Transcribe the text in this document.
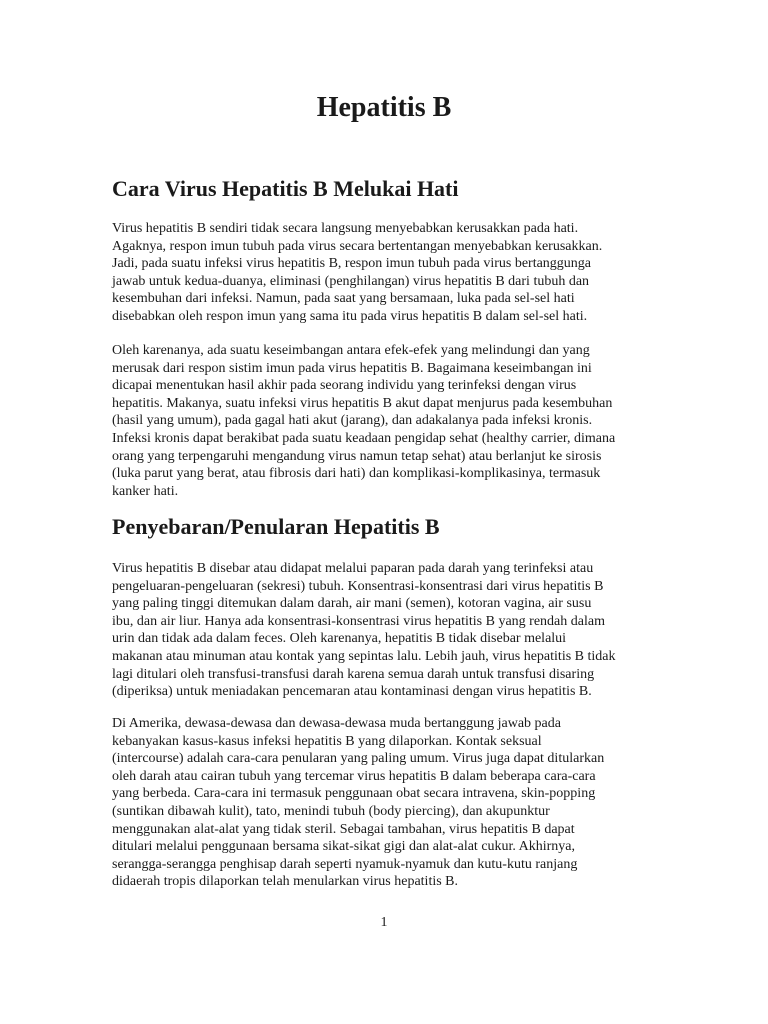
Hepatitis B
Cara Virus Hepatitis B Melukai Hati
Virus hepatitis B sendiri tidak secara langsung menyebabkan kerusakkan pada hati.
Agaknya, respon imun tubuh pada virus secara bertentangan menyebabkan kerusakkan.
Jadi, pada suatu infeksi virus hepatitis B, respon imun tubuh pada virus bertanggunga
jawab untuk kedua-duanya, eliminasi (penghilangan) virus hepatitis B dari tubuh dan
kesembuhan dari infeksi. Namun, pada saat yang bersamaan, luka pada sel-sel hati
disebabkan oleh respon imun yang sama itu pada virus hepatitis B dalam sel-sel hati.
Oleh karenanya, ada suatu keseimbangan antara efek-efek yang melindungi dan yang
merusak dari respon sistim imun pada virus hepatitis B. Bagaimana keseimbangan ini
dicapai menentukan hasil akhir pada seorang individu yang terinfeksi dengan virus
hepatitis. Makanya, suatu infeksi virus hepatitis B akut dapat menjurus pada kesembuhan
(hasil yang umum), pada gagal hati akut (jarang), dan adakalanya pada infeksi kronis.
Infeksi kronis dapat berakibat pada suatu keadaan pengidap sehat (healthy carrier, dimana
orang yang terpengaruhi mengandung virus namun tetap sehat) atau berlanjut ke sirosis
(luka parut yang berat, atau fibrosis dari hati) dan komplikasi-komplikasinya, termasuk
kanker hati.
Penyebaran/Penularan Hepatitis B
Virus hepatitis B disebar atau didapat melalui paparan pada darah yang terinfeksi atau
pengeluaran-pengeluaran (sekresi) tubuh. Konsentrasi-konsentrasi dari virus hepatitis B
yang paling tinggi ditemukan dalam darah, air mani (semen), kotoran vagina, air susu
ibu, dan air liur. Hanya ada konsentrasi-konsentrasi virus hepatitis B yang rendah dalam
urin dan tidak ada dalam feces. Oleh karenanya, hepatitis B tidak disebar melalui
makanan atau minuman atau kontak yang sepintas lalu. Lebih jauh, virus hepatitis B tidak
lagi ditulari oleh transfusi-transfusi darah karena semua darah untuk transfusi disaring
(diperiksa) untuk meniadakan pencemaran atau kontaminasi dengan virus hepatitis B.
Di Amerika, dewasa-dewasa dan dewasa-dewasa muda bertanggung jawab pada
kebanyakan kasus-kasus infeksi hepatitis B yang dilaporkan. Kontak seksual
(intercourse) adalah cara-cara penularan yang paling umum. Virus juga dapat ditularkan
oleh darah atau cairan tubuh yang tercemar virus hepatitis B dalam beberapa cara-cara
yang berbeda. Cara-cara ini termasuk penggunaan obat secara intravena, skin-popping
(suntikan dibawah kulit), tato, menindi tubuh (body piercing), dan akupunktur
menggunakan alat-alat yang tidak steril. Sebagai tambahan, virus hepatitis B dapat
ditulari melalui penggunaan bersama sikat-sikat gigi dan alat-alat cukur. Akhirnya,
serangga-serangga penghisap darah seperti nyamuk-nyamuk dan kutu-kutu ranjang
didaerah tropis dilaporkan telah menularkan virus hepatitis B.

1
